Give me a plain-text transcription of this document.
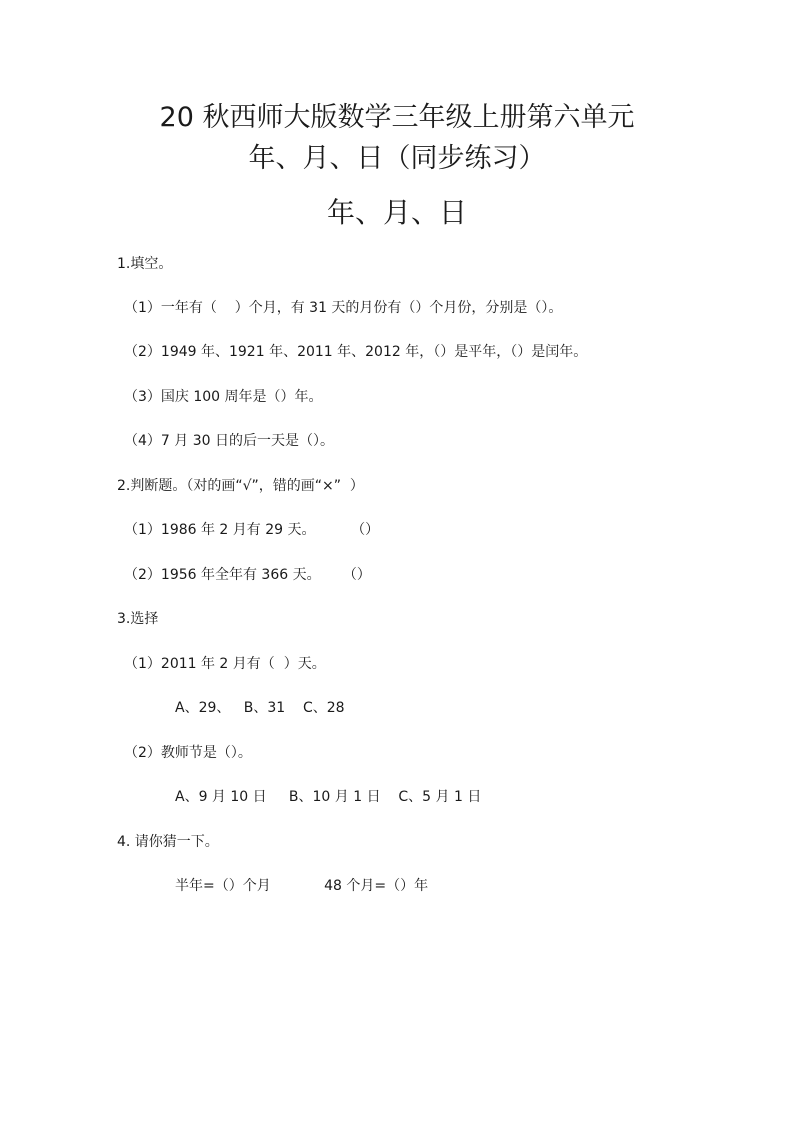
20 秋西师大版数学三年级上册第六单元
年、月、日（同步练习）
年、月、日
1.填空。
（1）一年有（    ）个月，有 31 天的月份有（）个月份，分别是（）。
（2）1949 年、1921 年、2011 年、2012 年，（）是平年，（）是闰年。
（3）国庆 100 周年是（）年。
（4）7 月 30 日的后一天是（）。
2.判断题。（对的画“√”，错的画“×”  ）
（1）1986 年 2 月有 29 天。        （）
（2）1956 年全年有 366 天。     （）
3.选择
（1）2011 年 2 月有（  ）天。
A、29、   B、31    C、28
（2）教师节是（）。
A、9 月 10 日     B、10 月 1 日    C、5 月 1 日
4. 请你猜一下。
半年=（）个月            48 个月=（）年
